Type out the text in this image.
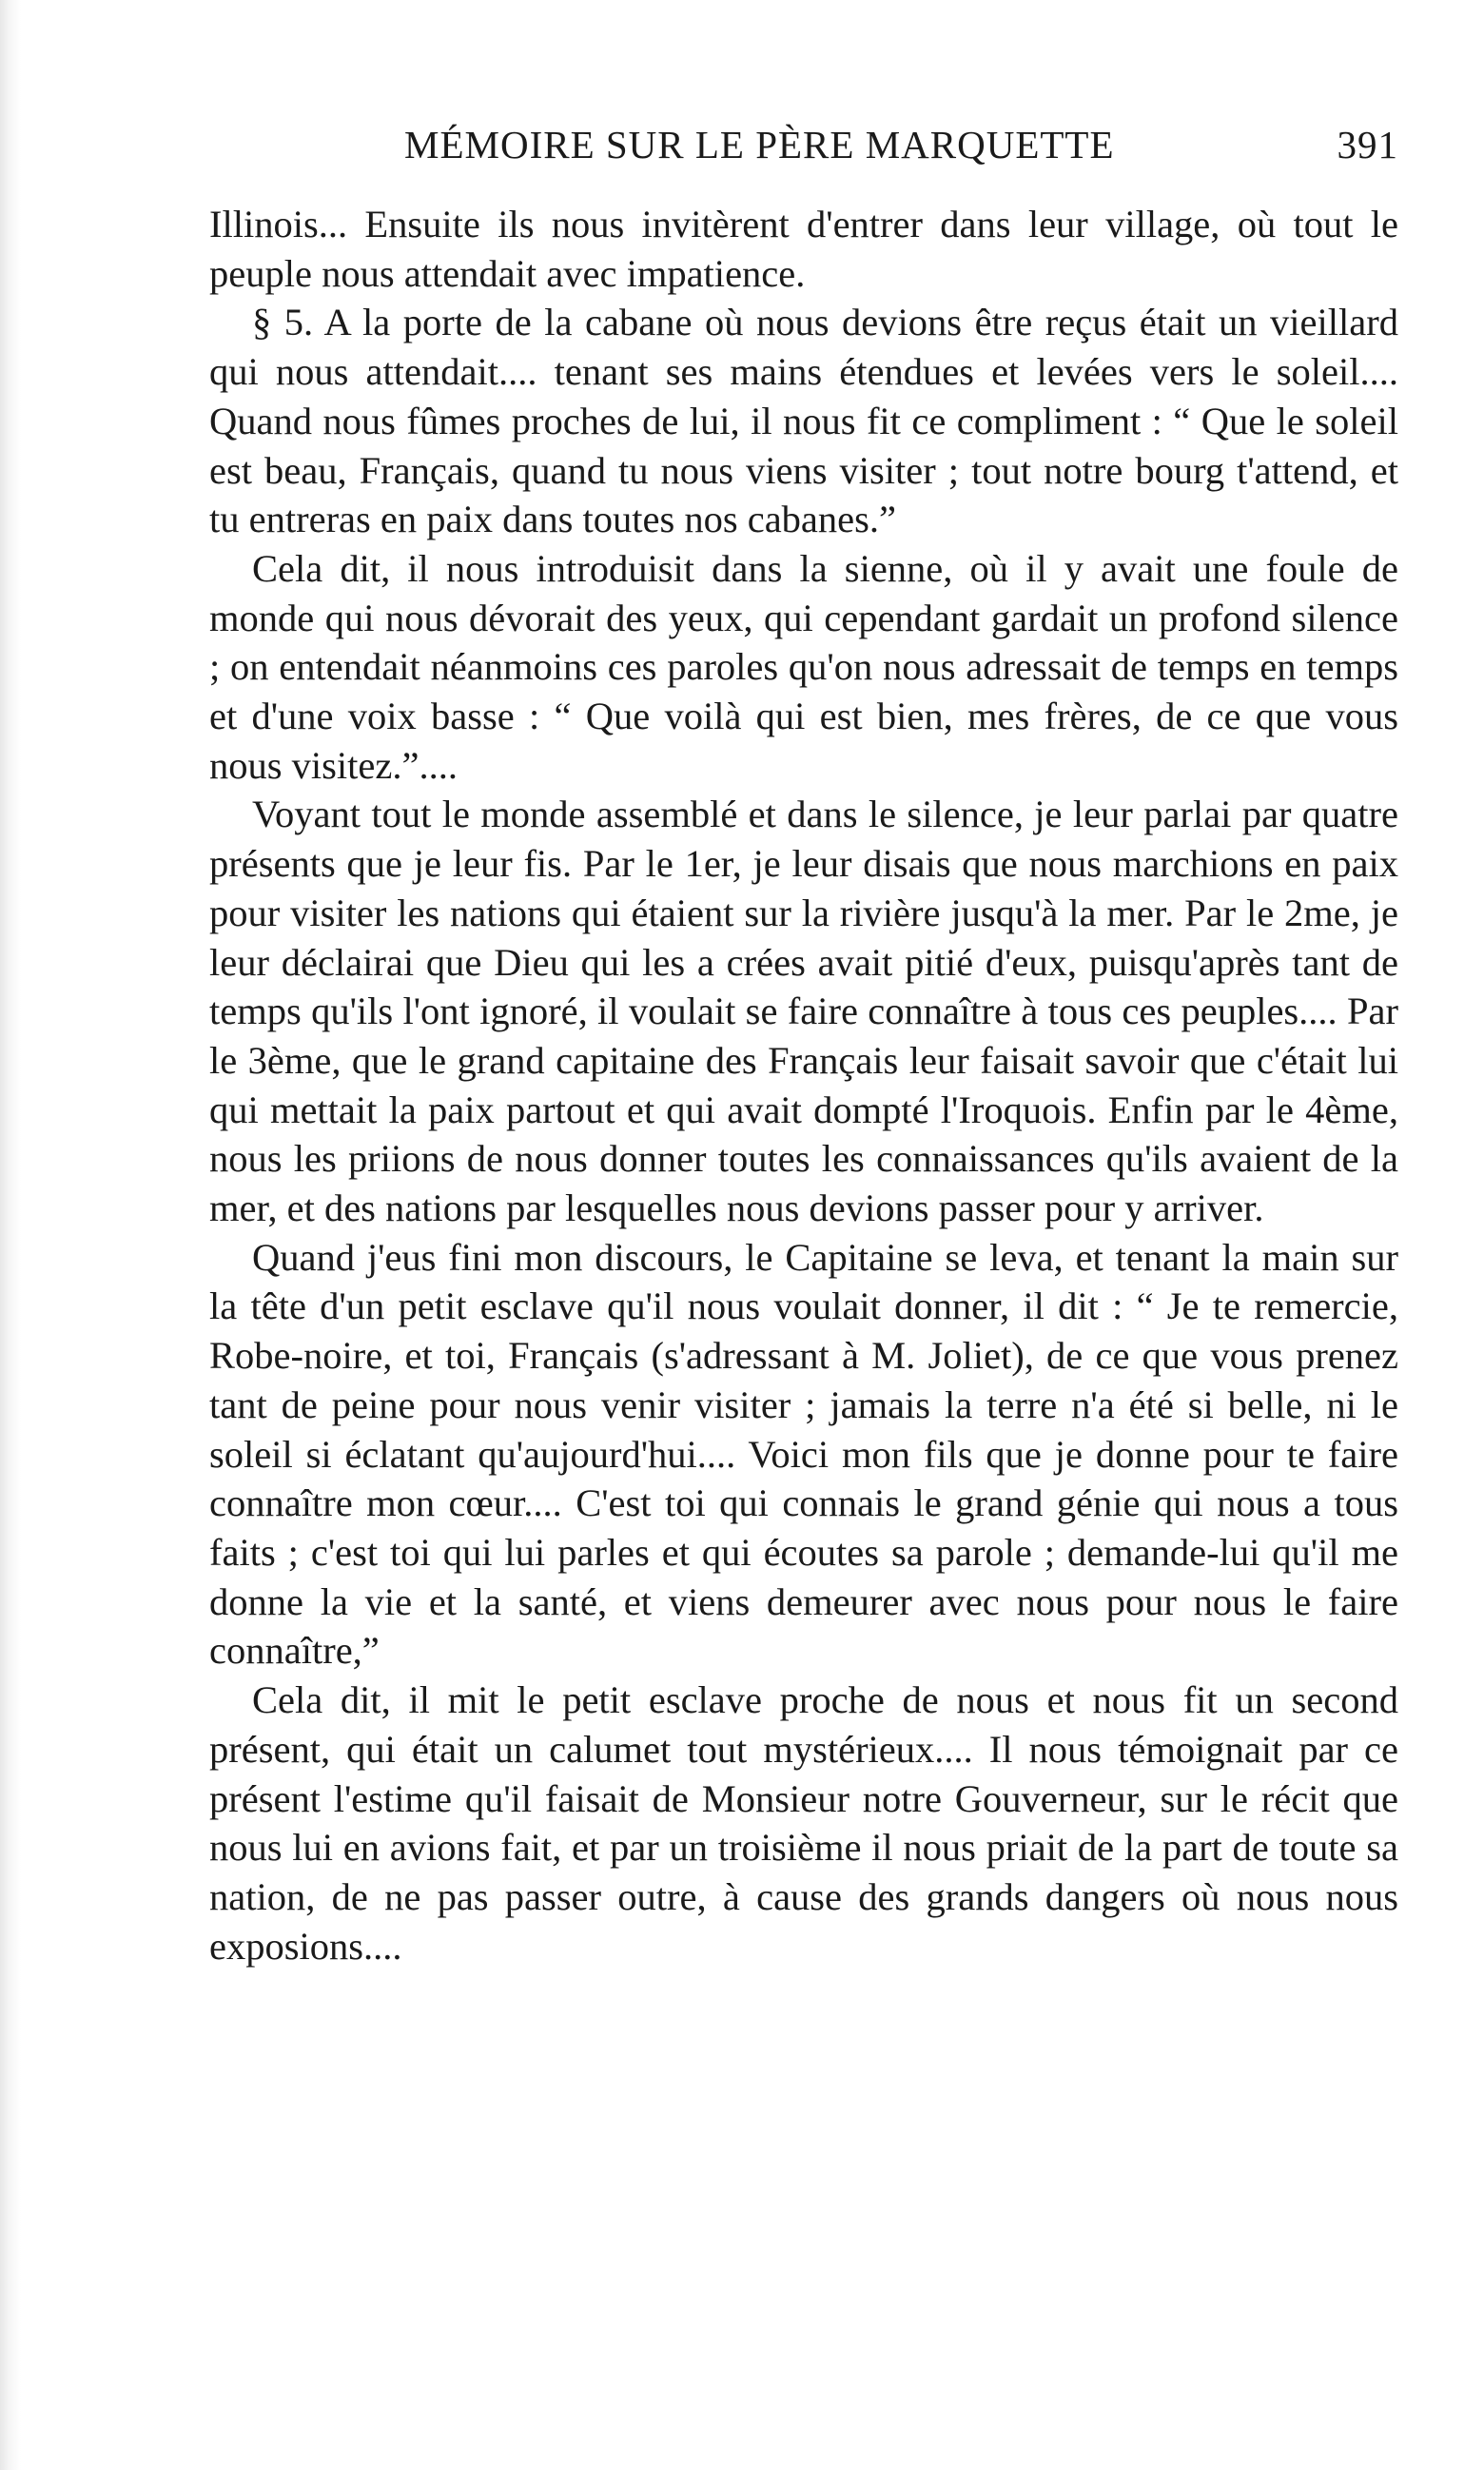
MÉMOIRE SUR LE PÈRE MARQUETTE	391

Illinois... Ensuite ils nous invitèrent d'entrer dans leur village, où tout le peuple nous attendait avec impatience.

§ 5. A la porte de la cabane où nous devions être reçus était un vieillard qui nous attendait.... tenant ses mains étendues et levées vers le soleil.... Quand nous fûmes proches de lui, il nous fit ce compliment : “ Que le soleil est beau, Français, quand tu nous viens visiter ; tout notre bourg t'attend, et tu entreras en paix dans toutes nos cabanes.”

Cela dit, il nous introduisit dans la sienne, où il y avait une foule de monde qui nous dévorait des yeux, qui cependant gardait un profond silence ; on entendait néanmoins ces paroles qu'on nous adressait de temps en temps et d'une voix basse : “ Que voilà qui est bien, mes frères, de ce que vous nous visitez.”....

Voyant tout le monde assemblé et dans le silence, je leur parlai par quatre présents que je leur fis. Par le 1er, je leur disais que nous marchions en paix pour visiter les nations qui étaient sur la rivière jusqu'à la mer. Par le 2me, je leur déclairai que Dieu qui les a crées avait pitié d'eux, puisqu'après tant de temps qu'ils l'ont ignoré, il voulait se faire connaître à tous ces peuples.... Par le 3ème, que le grand capitaine des Français leur faisait savoir que c'était lui qui mettait la paix partout et qui avait dompté l'Iroquois. Enfin par le 4ème, nous les priions de nous donner toutes les connaissances qu'ils avaient de la mer, et des nations par lesquelles nous devions passer pour y arriver.

Quand j'eus fini mon discours, le Capitaine se leva, et tenant la main sur la tête d'un petit esclave qu'il nous voulait donner, il dit : “ Je te remercie, Robe-noire, et toi, Français (s'adressant à M. Joliet), de ce que vous prenez tant de peine pour nous venir visiter ; jamais la terre n'a été si belle, ni le soleil si éclatant qu'aujourd'hui.... Voici mon fils que je donne pour te faire connaître mon cœur.... C'est toi qui connais le grand génie qui nous a tous faits ; c'est toi qui lui parles et qui écoutes sa parole ; demande-lui qu'il me donne la vie et la santé, et viens demeurer avec nous pour nous le faire connaître,”

Cela dit, il mit le petit esclave proche de nous et nous fit un second présent, qui était un calumet tout mystérieux.... Il nous témoignait par ce présent l'estime qu'il faisait de Monsieur notre Gouverneur, sur le récit que nous lui en avions fait, et par un troisième il nous priait de la part de toute sa nation, de ne pas passer outre, à cause des grands dangers où nous nous exposions....
